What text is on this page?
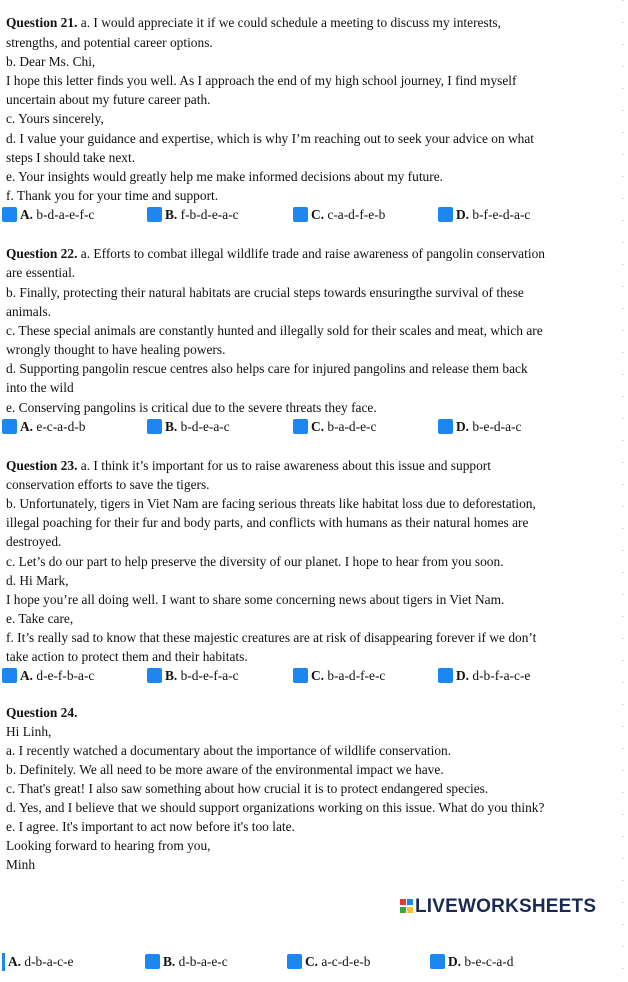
Question 21. a. I would appreciate it if we could schedule a meeting to discuss my interests,
strengths, and potential career options.
b. Dear Ms. Chi,
I hope this letter finds you well. As I approach the end of my high school journey, I find myself
uncertain about my future career path.
c. Yours sincerely,
d. I value your guidance and expertise, which is why I’m reaching out to seek your advice on what
steps I should take next.
e. Your insights would greatly help me make informed decisions about my future.
f. Thank you for your time and support.
A. b-d-a-e-f-c	B. f-b-d-e-a-c	C. c-a-d-f-e-b	D. b-f-e-d-a-c
Question 22. a. Efforts to combat illegal wildlife trade and raise awareness of pangolin conservation
are essential.
b. Finally, protecting their natural habitats are crucial steps towards ensuringthe survival of these
animals.
c. These special animals are constantly hunted and illegally sold for their scales and meat, which are
wrongly thought to have healing powers.
d. Supporting pangolin rescue centres also helps care for injured pangolins and release them back
into the wild
e. Conserving pangolins is critical due to the severe threats they face.
A. e-c-a-d-b	B. b-d-e-a-c	C. b-a-d-e-c	D. b-e-d-a-c
Question 23. a. I think it’s important for us to raise awareness about this issue and support
conservation efforts to save the tigers.
b. Unfortunately, tigers in Viet Nam are facing serious threats like habitat loss due to deforestation,
illegal poaching for their fur and body parts, and conflicts with humans as their natural homes are
destroyed.
c. Let’s do our part to help preserve the diversity of our planet. I hope to hear from you soon.
d. Hi Mark,
I hope you’re all doing well. I want to share some concerning news about tigers in Viet Nam.
e. Take care,
f. It’s really sad to know that these majestic creatures are at risk of disappearing forever if we don’t
take action to protect them and their habitats.
A. d-e-f-b-a-c	B. b-d-e-f-a-c	C. b-a-d-f-e-c	D. d-b-f-a-c-e
Question 24.
Hi Linh,
a. I recently watched a documentary about the importance of wildlife conservation.
b. Definitely. We all need to be more aware of the environmental impact we have.
c. That's great! I also saw something about how crucial it is to protect endangered species.
d. Yes, and I believe that we should support organizations working on this issue. What do you think?
e. I agree. It's important to act now before it's too late.
Looking forward to hearing from you,
Minh
LIVEWORKSHEETS
A. d-b-a-c-e	B. d-b-a-e-c	C. a-c-d-e-b	D. b-e-c-a-d
